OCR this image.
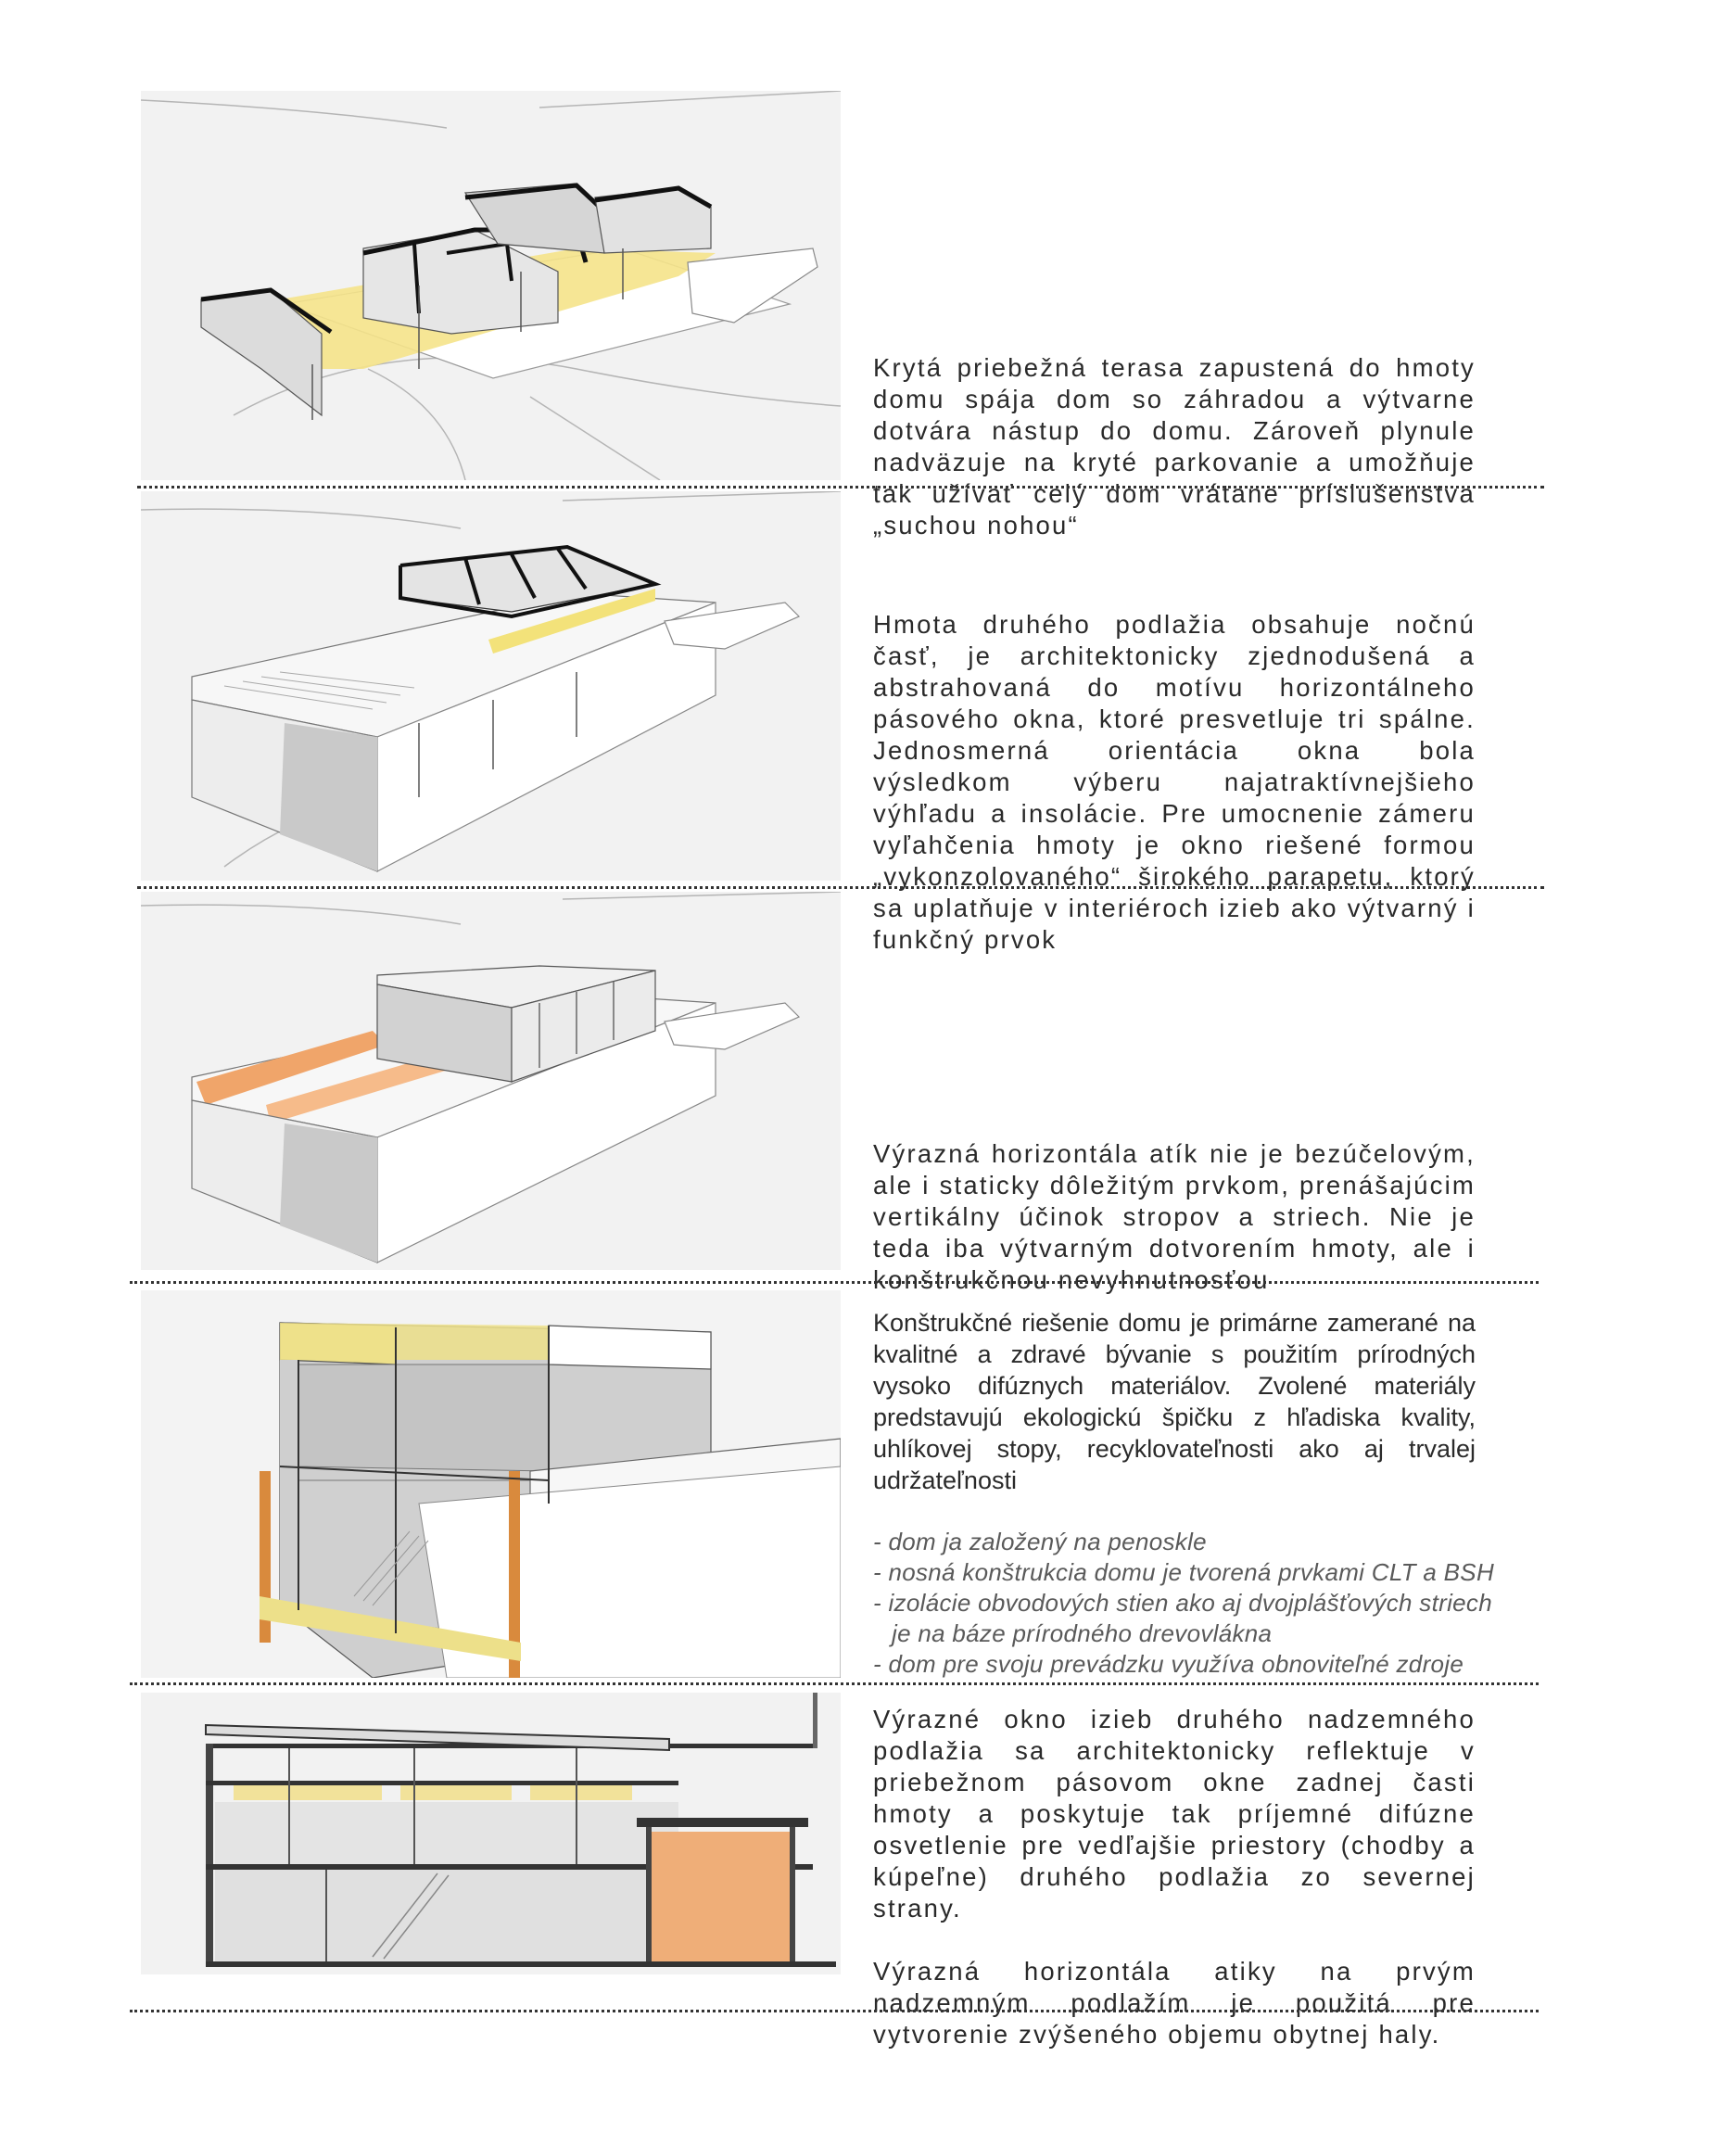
Krytá priebežná terasa zapustená do hmoty domu spája dom so záhradou a výtvarne dotvára nástup do domu. Zároveň plynule nadväzuje na kryté parkovanie a umožňuje tak užívať celý dom vrátane príslušenstva „suchou nohou“

Hmota druhého podlažia obsahuje nočnú časť, je architektonicky zjednodušená a abstrahovaná do motívu horizontálneho pásového okna, ktoré presvetluje tri spálne. Jednosmerná orientácia okna bola výsledkom výberu najatraktívnejšieho výhľadu a insolácie. Pre umocnenie zámeru vyľahčenia hmoty je okno riešené formou „vykonzolovaného“ širokého parapetu, ktorý sa uplatňuje v interiéroch izieb ako výtvarný i funkčný prvok

Výrazná horizontála atík nie je bezúčelovým, ale i staticky dôležitým prvkom, prenášajúcim vertikálny účinok stropov a striech. Nie je teda iba výtvarným dotvorením hmoty, ale i konštrukčnou nevyhnutnosťou

Konštrukčné riešenie domu je primárne zamerané na kvalitné a zdravé bývanie s použitím prírodných vysoko difúznych materiálov. Zvolené materiály predstavujú ekologickú špičku z hľadiska kvality, uhlíkovej stopy, recyklovateľnosti ako aj trvalej udržateľnosti

- dom ja založený na penoskle
- nosná konštrukcia domu je tvorená prvkami CLT a BSH
- izolácie obvodových stien ako aj dvojplášťových striech
je na báze prírodného drevovlákna
- dom pre svoju prevádzku využíva obnoviteľné zdroje

Výrazné okno izieb druhého nadzemného podlažia sa architektonicky reflektuje v priebežnom pásovom okne zadnej časti hmoty a poskytuje tak príjemné difúzne osvetlenie pre vedľajšie priestory (chodby a kúpeľne) druhého podlažia zo severnej strany.

Výrazná horizontála atiky na prvým nadzemným podlažím je použitá pre vytvorenie zvýšeného objemu obytnej haly.
